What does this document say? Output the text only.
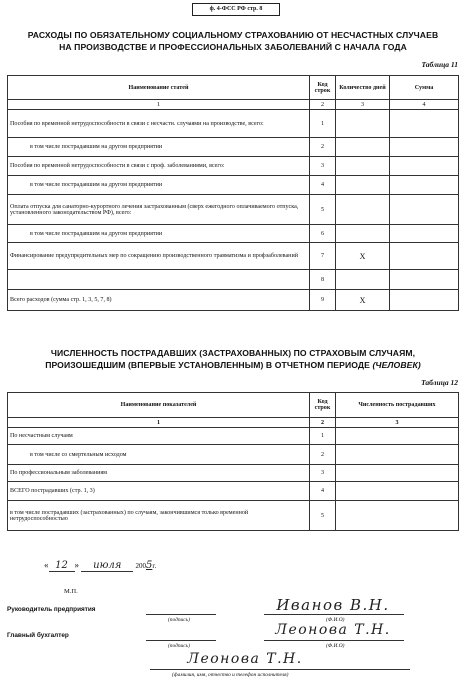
ф. 4-ФСС РФ стр. 8
РАСХОДЫ ПО ОБЯЗАТЕЛЬНОМУ СОЦИАЛЬНОМУ СТРАХОВАНИЮ ОТ НЕСЧАСТНЫХ СЛУЧАЕВ
НА ПРОИЗВОДСТВЕ И ПРОФЕССИОНАЛЬНЫХ ЗАБОЛЕВАНИЙ С НАЧАЛА ГОДА
Таблица 11
Наименование статей	Код строк	Количество дней	Сумма
1	2	3	4
Пособия по временной нетрудоспособности в связи с несчастн. случаями на производстве, всего:	1		
в том числе пострадавшим на другом предприятии	2		
Пособия по временной нетрудоспособности в связи с проф. заболеваниями, всего:	3		
в том числе пострадавшим на другом предприятии	4		
Оплата отпуска для санаторно-курортного лечения застрахованным (сверх ежегодного оплачиваемого отпуска, установленного законодательством РФ), всего:	5		
в том числе пострадавшим на другом предприятии	6		
Финансирование предупредительных мер по сокращению производственного травматизма и профзаболеваний	7	Х	
	8		
Всего расходов (сумма стр. 1, 3, 5, 7, 8)	9	Х	
ЧИСЛЕННОСТЬ ПОСТРАДАВШИХ (ЗАСТРАХОВАННЫХ) ПО СТРАХОВЫМ СЛУЧАЯМ,
ПРОИЗОШЕДШИМ (ВПЕРВЫЕ УСТАНОВЛЕННЫМ) В ОТЧЕТНОМ ПЕРИОДЕ (ЧЕЛОВЕК)
Таблица 12
Наименование показателей	Код строк	Численность пострадавших
1	2	3
По несчастным случаям	1	
в том числе со смертельным исходом	2	
По профессиональным заболеваниям	3	
ВСЕГО пострадавших (стр. 1, 3)	4	
в том числе пострадавших (застрахованных) по случаям, закончившимся только временной нетрудоспособностью	5	
« 12 » июля 2005г.
М.П.
Руководитель предприятия
(подпись)
Иванов В.Н.
(Ф.И.О)
Главный бухгалтер
(подпись)
Леонова Т.Н.
(Ф.И.О)
Леонова Т.Н.
(фамилия, имя, отчество и телефон исполнителя)
